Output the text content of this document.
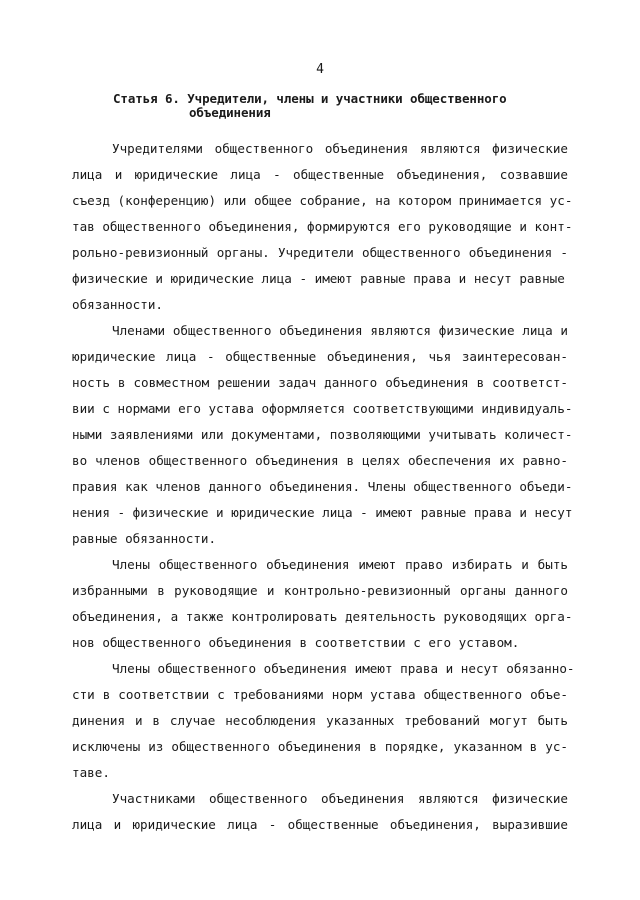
4
Статья 6. Учредители, члены и участники общественного
объединения
Учредителями общественного объединения являются физические
лица и юридические лица - общественные объединения, созвавшие
съезд (конференцию) или общее собрание, на котором принимается ус-
тав общественного объединения, формируются его руководящие и конт-
рольно-ревизионный органы. Учредители общественного объединения -
физические и юридические лица - имеют равные права и несут равные
обязанности.
Членами общественного объединения являются физические лица и
юридические лица - общественные объединения, чья заинтересован-
ность в совместном решении задач данного объединения в соответст-
вии с нормами его устава оформляется соответствующими индивидуаль-
ными заявлениями или документами, позволяющими учитывать количест-
во членов общественного объединения в целях обеспечения их равно-
правия как членов данного объединения. Члены общественного объеди-
нения - физические и юридические лица - имеют равные права и несут
равные обязанности.
Члены общественного объединения имеют право избирать и быть
избранными в руководящие и контрольно-ревизионный органы данного
объединения, а также контролировать деятельность руководящих орга-
нов общественного объединения в соответствии с его уставом.
Члены общественного объединения имеют права и несут обязанно-
сти в соответствии с требованиями норм устава общественного объе-
динения и в случае несоблюдения указанных требований могут быть
исключены из общественного объединения в порядке, указанном в ус-
таве.
Участниками общественного объединения являются физические
лица и юридические лица - общественные объединения, выразившие
